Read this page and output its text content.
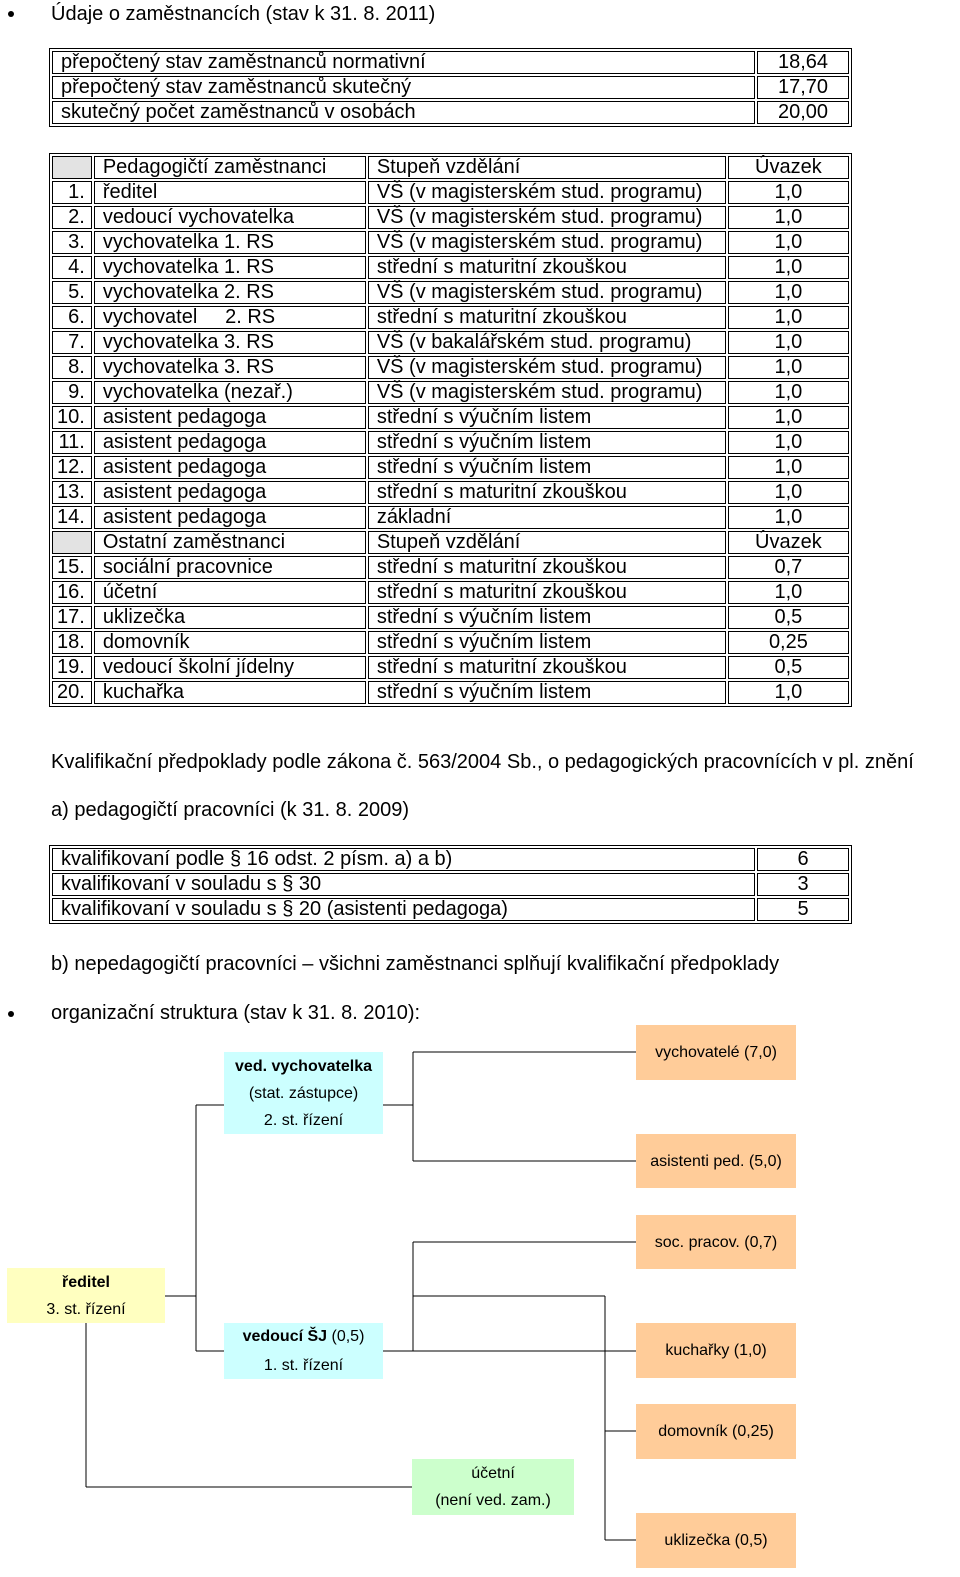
Údaje o zaměstnancích (stav k 31. 8. 2011)
přepočtený stav zaměstnanců normativní	18,64
přepočtený stav zaměstnanců skutečný	17,70
skutečný počet zaměstnanců v osobách	20,00
	Pedagogičtí zaměstnanci	Stupeň vzdělání	Úvazek
1.	ředitel	VŠ (v magisterském stud. programu)	1,0
2.	vedoucí vychovatelka	VŠ (v magisterském stud. programu)	1,0
3.	vychovatelka 1. RS	VŠ (v magisterském stud. programu)	1,0
4.	vychovatelka 1. RS	střední s maturitní zkouškou	1,0
5.	vychovatelka 2. RS	VŠ (v magisterském stud. programu)	1,0
6.	vychovatel     2. RS	střední s maturitní zkouškou	1,0
7.	vychovatelka 3. RS	VŠ (v bakalářském stud. programu)	1,0
8.	vychovatelka 3. RS	VŠ (v magisterském stud. programu)	1,0
9.	vychovatelka (nezař.)	VŠ (v magisterském stud. programu)	1,0
10.	asistent pedagoga	střední s výučním listem	1,0
11.	asistent pedagoga	střední s výučním listem	1,0
12.	asistent pedagoga	střední s výučním listem	1,0
13.	asistent pedagoga	střední s maturitní zkouškou	1,0
14.	asistent pedagoga	základní	1,0
	Ostatní zaměstnanci	Stupeň vzdělání	Úvazek
15.	sociální pracovnice	střední s maturitní zkouškou	0,7
16.	účetní	střední s maturitní zkouškou	1,0
17.	uklizečka	střední s výučním listem	0,5
18.	domovník	střední s výučním listem	0,25
19.	vedoucí školní jídelny	střední s maturitní zkouškou	0,5
20.	kuchařka	střední s výučním listem	1,0
Kvalifikační předpoklady podle zákona č. 563/2004 Sb., o pedagogických pracovnících v pl. znění
a) pedagogičtí pracovníci (k 31. 8. 2009)
kvalifikovaní podle § 16 odst. 2 písm. a) a b)	6
kvalifikovaní v souladu s § 30	3
kvalifikovaní v souladu s § 20 (asistenti pedagoga)	5
b) nepedagogičtí pracovníci – všichni zaměstnanci splňují kvalifikační předpoklady
organizační struktura (stav k 31. 8. 2010):
ředitel
3. st. řízení
ved. vychovatelka
(stat. zástupce)
2. st. řízení
vedoucí ŠJ (0,5)
1. st. řízení
účetní
(není ved. zam.)
vychovatelé (7,0)
asistenti ped. (5,0)
soc. pracov. (0,7)
kuchařky (1,0)
domovník (0,25)
uklizečka (0,5)
